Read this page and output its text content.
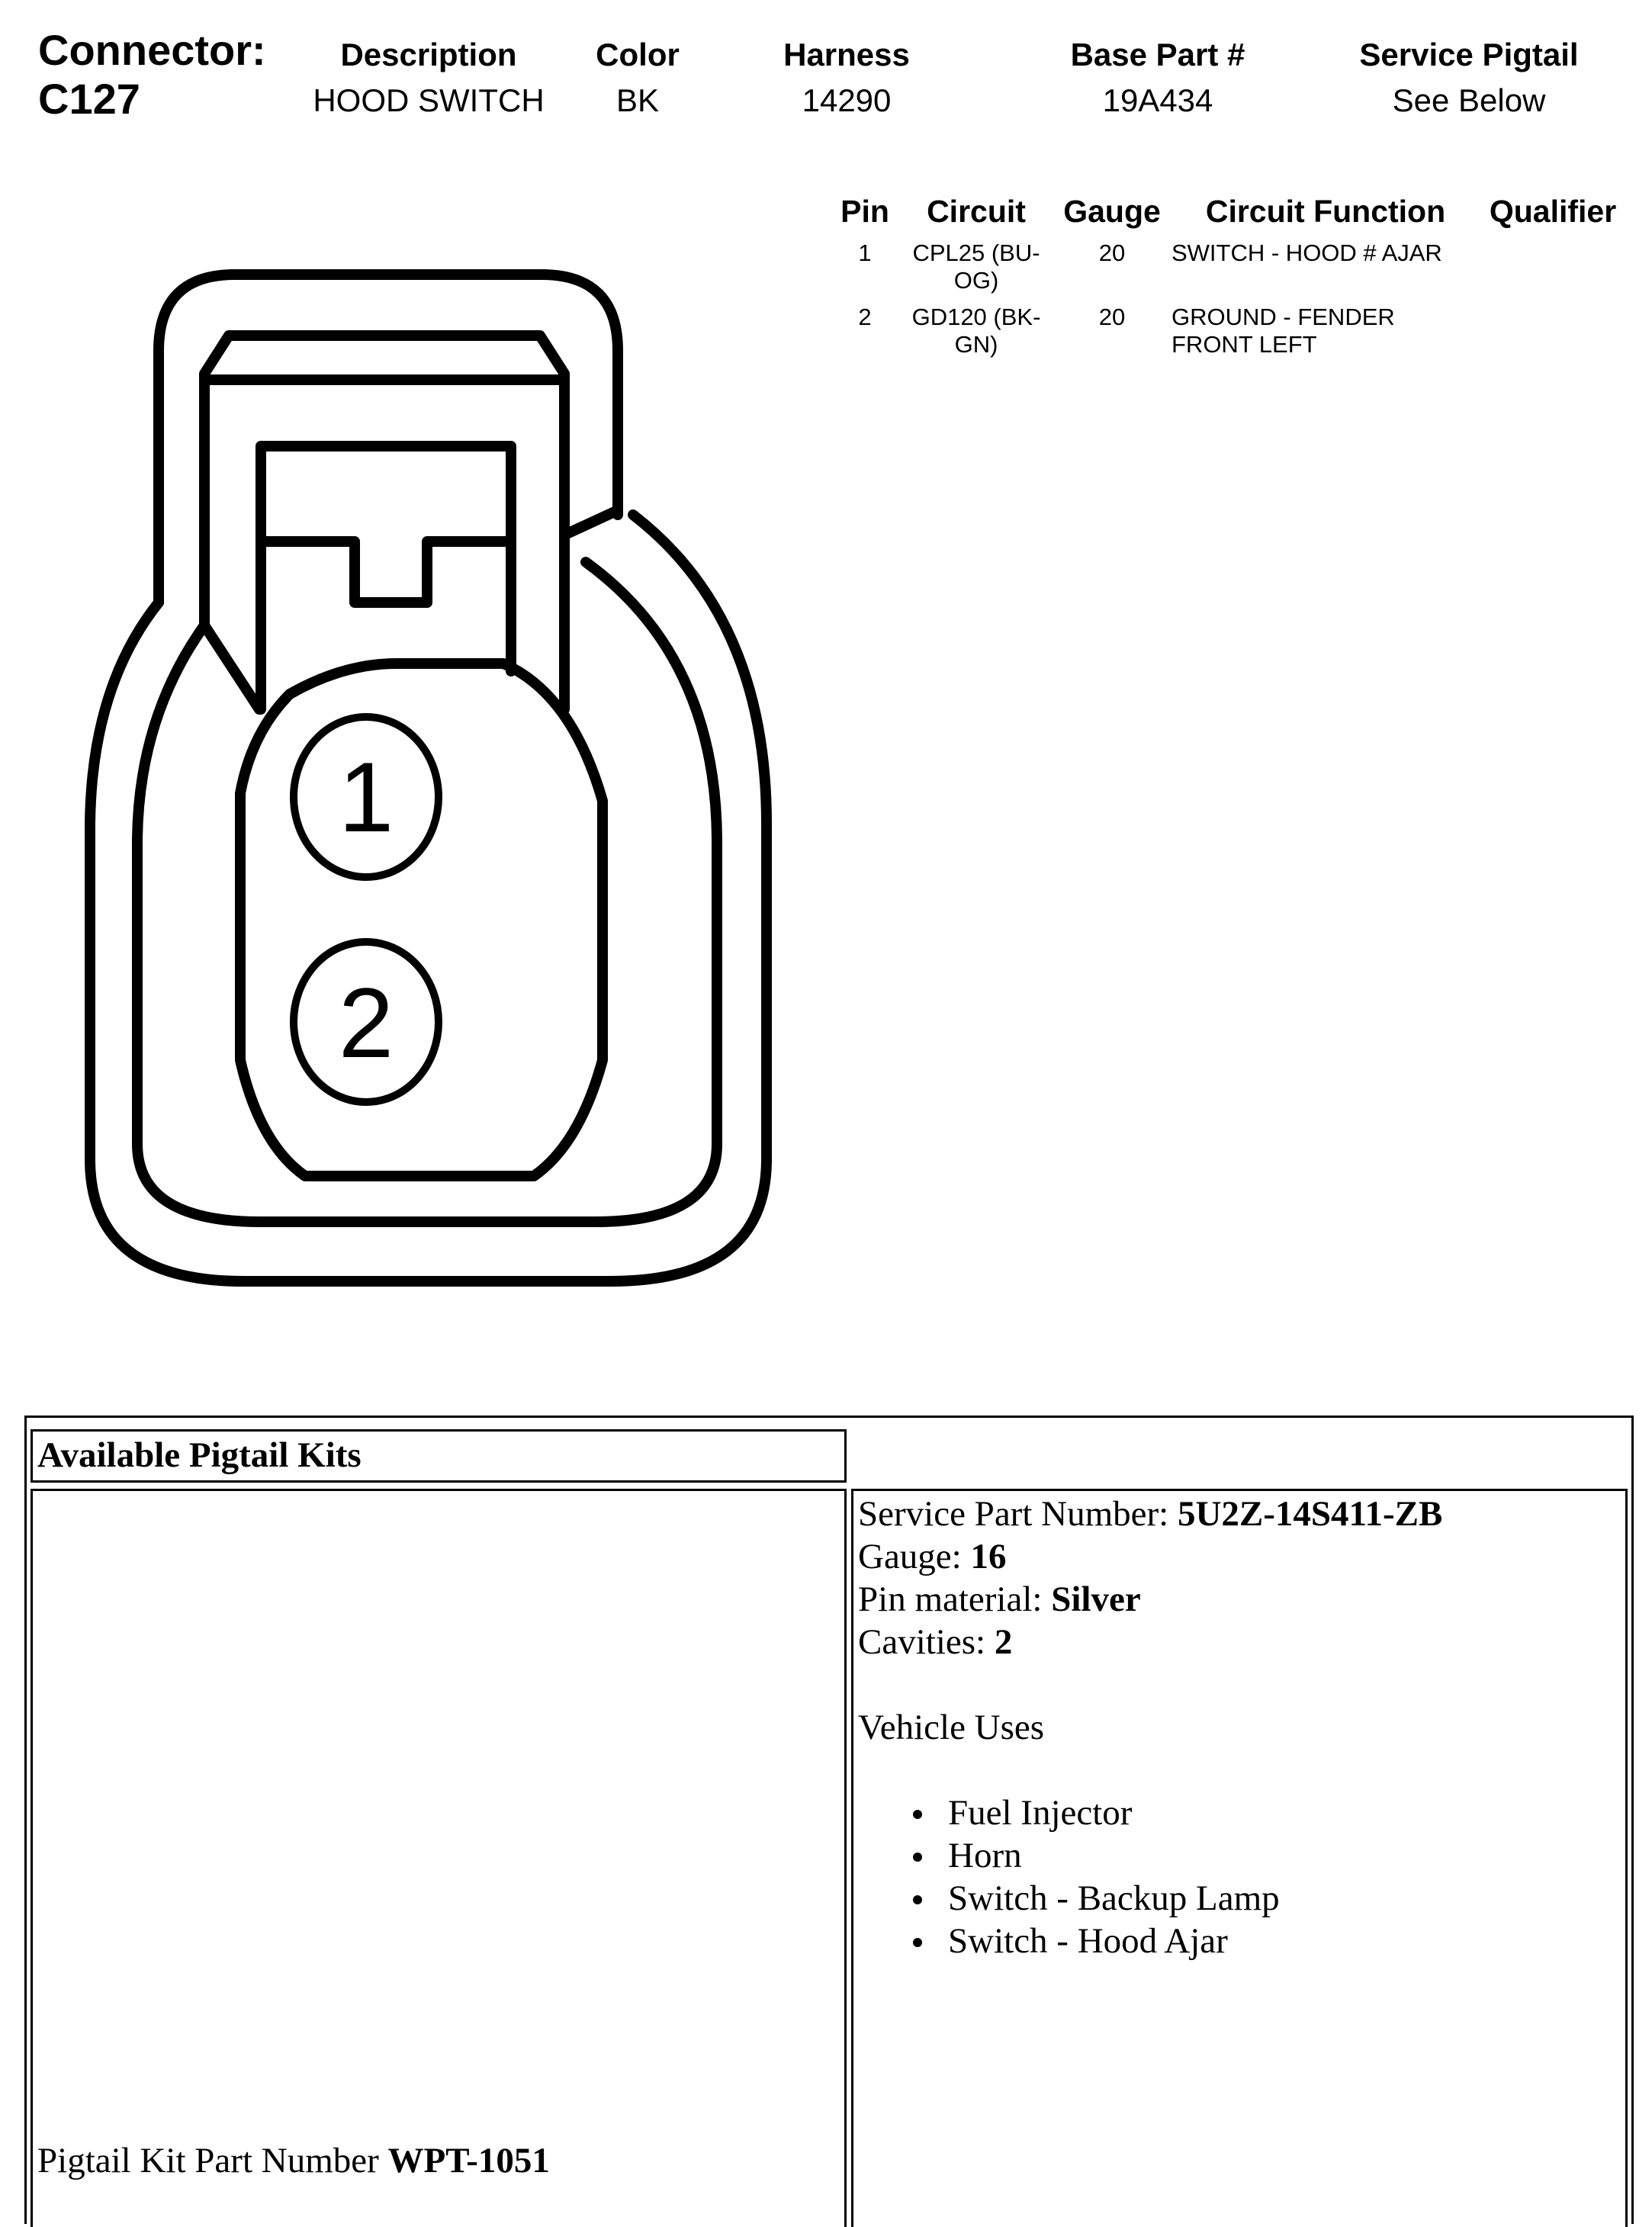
Connector:
C127
Description
HOOD SWITCH
Color
BK
Harness
14290
Base Part #
19A434
Service Pigtail
See Below
Pin Circuit Gauge Circuit Function Qualifier
1	CPL25 (BU-OG)
20 SWITCH - HOOD # AJAR
2	GD120 (BK-GN)
20 GROUND - FENDER FRONT LEFT
1
2
Available Pigtail Kits
Pigtail Kit Part Number WPT-1051
Service Part Number: 5U2Z-14S411-ZB
Gauge: 16
Pin material: Silver
Cavities: 2
Vehicle Uses
Fuel Injector
Horn
Switch - Backup Lamp
Switch - Hood Ajar
